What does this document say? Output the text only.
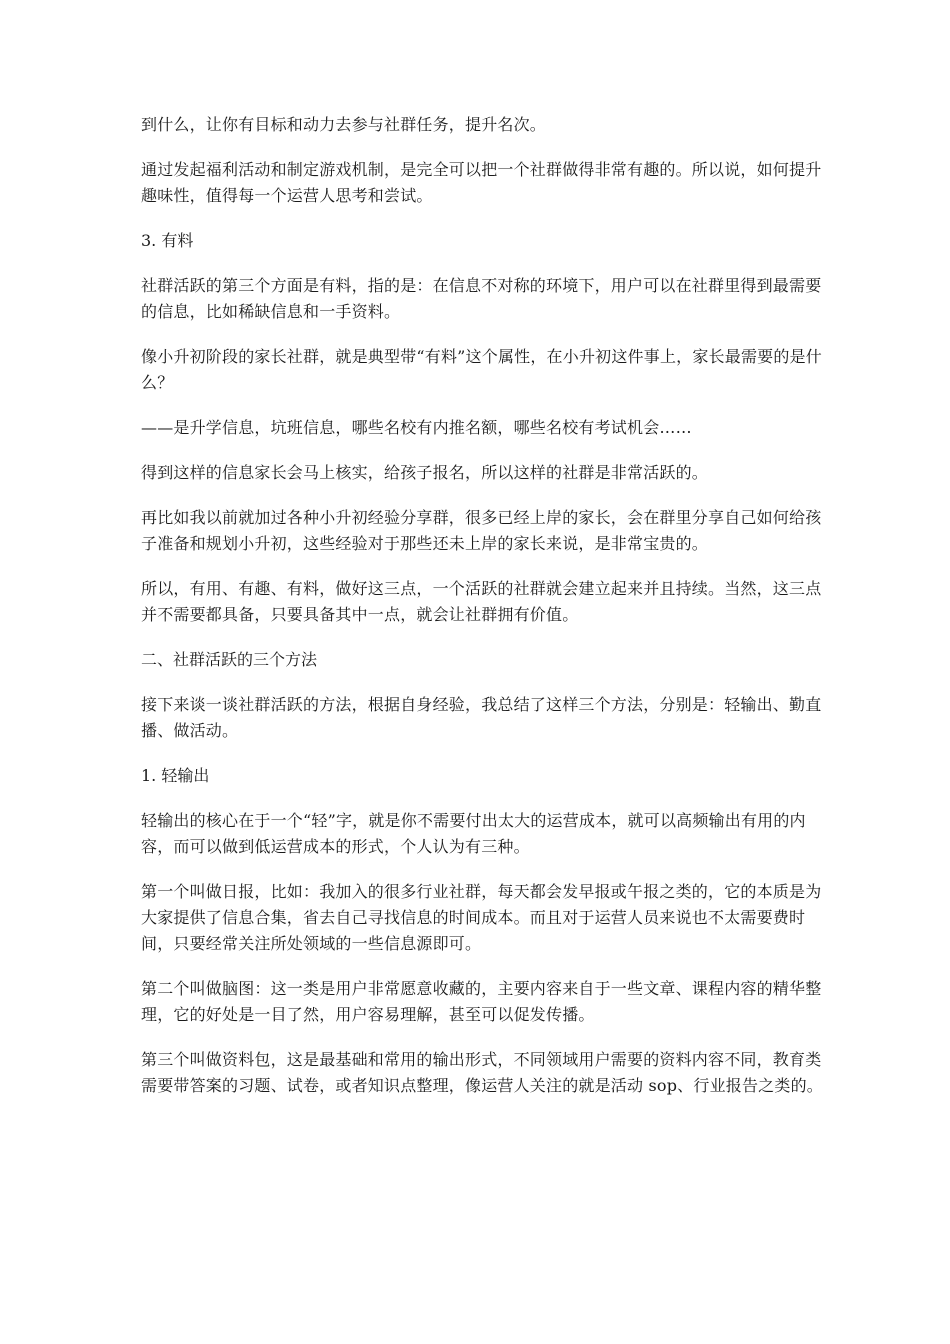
到什么，让你有目标和动力去参与社群任务，提升名次。

通过发起福利活动和制定游戏机制，是完全可以把一个社群做得非常有趣的。所以说，如何提升趣味性，值得每一个运营人思考和尝试。

3. 有料

社群活跃的第三个方面是有料，指的是：在信息不对称的环境下，用户可以在社群里得到最需要的信息，比如稀缺信息和一手资料。

像小升初阶段的家长社群，就是典型带“有料”这个属性，在小升初这件事上，家长最需要的是什么？

——是升学信息，坑班信息，哪些名校有内推名额，哪些名校有考试机会……

得到这样的信息家长会马上核实，给孩子报名，所以这样的社群是非常活跃的。

再比如我以前就加过各种小升初经验分享群，很多已经上岸的家长，会在群里分享自己如何给孩子准备和规划小升初，这些经验对于那些还未上岸的家长来说，是非常宝贵的。

所以，有用、有趣、有料，做好这三点，一个活跃的社群就会建立起来并且持续。当然，这三点并不需要都具备，只要具备其中一点，就会让社群拥有价值。

二、社群活跃的三个方法

接下来谈一谈社群活跃的方法，根据自身经验，我总结了这样三个方法，分别是：轻输出、勤直播、做活动。

1. 轻输出

轻输出的核心在于一个“轻”字，就是你不需要付出太大的运营成本，就可以高频输出有用的内容，而可以做到低运营成本的形式，个人认为有三种。

第一个叫做日报，比如：我加入的很多行业社群，每天都会发早报或午报之类的，它的本质是为大家提供了信息合集，省去自己寻找信息的时间成本。而且对于运营人员来说也不太需要费时间，只要经常关注所处领域的一些信息源即可。

第二个叫做脑图：这一类是用户非常愿意收藏的，主要内容来自于一些文章、课程内容的精华整理，它的好处是一目了然，用户容易理解，甚至可以促发传播。

第三个叫做资料包，这是最基础和常用的输出形式，不同领域用户需要的资料内容不同，教育类需要带答案的习题、试卷，或者知识点整理，像运营人关注的就是活动 sop、行业报告之类的。
